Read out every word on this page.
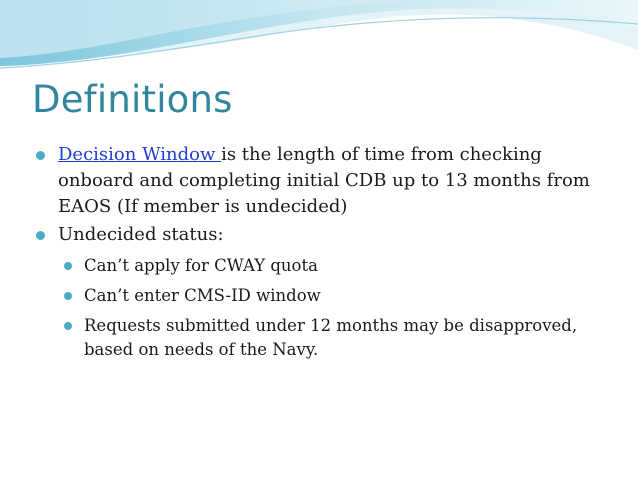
Definitions
Decision Window is the length of time from checking onboard and completing initial CDB up to 13 months from EAOS (If member is undecided)
Undecided status:
Can’t apply for CWAY quota
Can’t enter CMS-ID window
Requests submitted under 12 months may be disapproved, based on needs of the Navy.
